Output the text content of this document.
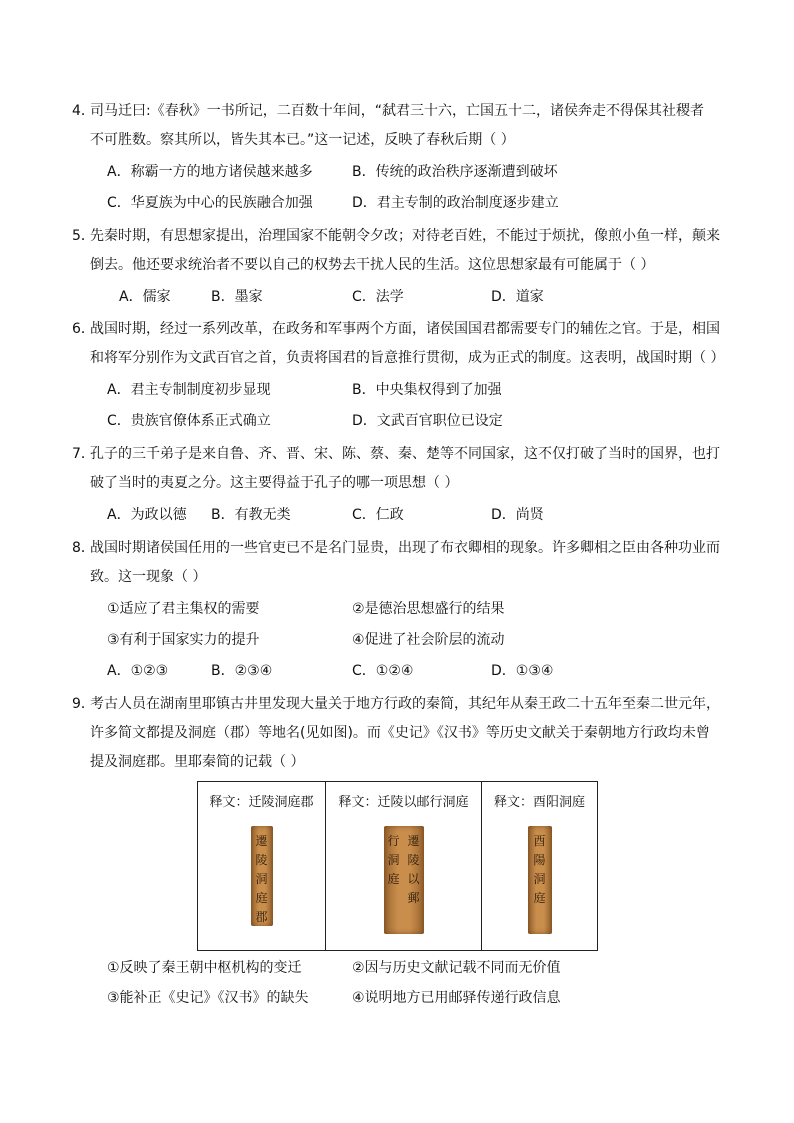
4．
司马迁曰:《春秋》一书所记，二百数十年间，“弑君三十六，亡国五十二，诸侯奔走不得保其社稷者
不可胜数。察其所以，皆失其本已。”这一记述，反映了春秋后期（ ）
A．称霸一方的地方诸侯越来越多	B．传统的政治秩序逐渐遭到破坏
C．华夏族为中心的民族融合加强	D．君主专制的政治制度逐步建立
5．
先秦时期，有思想家提出，治理国家不能朝令夕改；对待老百姓，不能过于烦扰，像煎小鱼一样，颠来
倒去。他还要求统治者不要以自己的权势去干扰人民的生活。这位思想家最有可能属于（ ）
A．儒家	B．墨家	C．法学	D．道家
6．
战国时期，经过一系列改革，在政务和军事两个方面，诸侯国国君都需要专门的辅佐之官。于是，相国
和将军分别作为文武百官之首，负责将国君的旨意推行贯彻，成为正式的制度。这表明，战国时期（ ）
A．君主专制制度初步显现	B．中央集权得到了加强
C．贵族官僚体系正式确立	D．文武百官职位已设定
7．
孔子的三千弟子是来自鲁、齐、晋、宋、陈、蔡、秦、楚等不同国家，这不仅打破了当时的国界，也打
破了当时的夷夏之分。这主要得益于孔子的哪一项思想（ ）
A．为政以德 B．有教无类	C．仁政	D．尚贤
8．
战国时期诸侯国任用的一些官吏已不是名门显贵，出现了布衣卿相的现象。许多卿相之臣由各种功业而
致。这一现象（ ）
①适应了君主集权的需要	②是德治思想盛行的结果
③有利于国家实力的提升	④促进了社会阶层的流动
A．①②③	B．②③④	C．①②④	D．①③④
9．
考古人员在湖南里耶镇古井里发现大量关于地方行政的秦简，其纪年从秦王政二十五年至秦二世元年，
许多简文都提及洞庭（郡）等地名(见如图)。而《史记》《汉书》等历史文献关于秦朝地方行政均未曾
提及洞庭郡。里耶秦简的记载（ ）
释文：迁陵洞庭郡
遷
陵
洞
庭
郡

释文：迁陵以邮行洞庭
行
洞
庭
遷
陵
以
郵

释文：酉阳洞庭
酉
陽
洞
庭
①反映了秦王朝中枢机构的变迁	②因与历史文献记载不同而无价值
③能补正《史记》《汉书》的缺失	④说明地方已用邮驿传递行政信息
